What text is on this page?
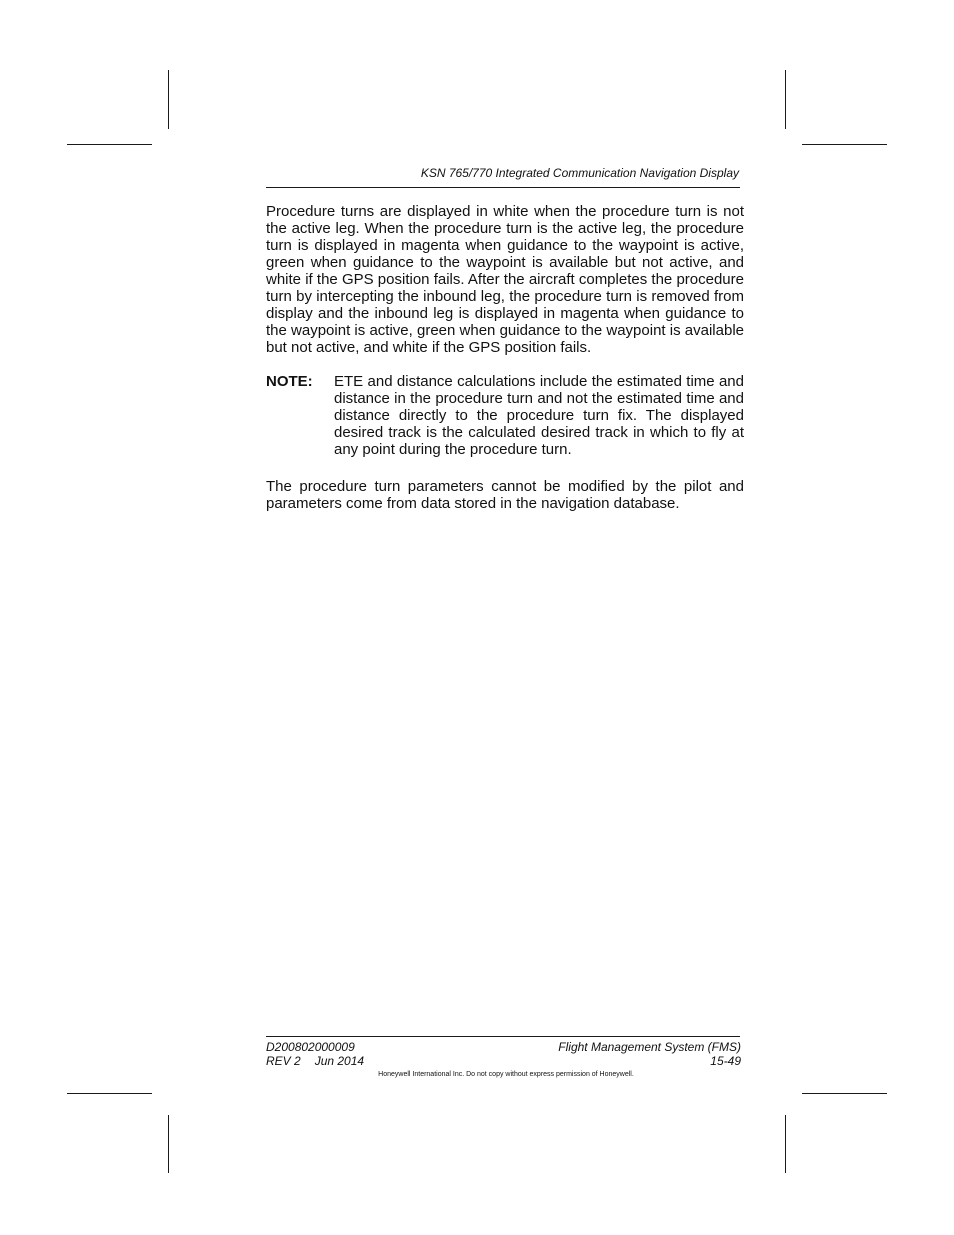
KSN 765/770 Integrated Communication Navigation Display

Procedure turns are displayed in white when the procedure turn is not the active leg. When the procedure turn is the active leg, the procedure turn is displayed in magenta when guidance to the waypoint is active, green when guidance to the waypoint is available but not active, and white if the GPS position fails. After the aircraft completes the procedure turn by intercepting the inbound leg, the procedure turn is removed from display and the inbound leg is displayed in magenta when guidance to the waypoint is active, green when guidance to the waypoint is available but not active, and white if the GPS position fails.

NOTE: ETE and distance calculations include the estimated time and distance in the procedure turn and not the estimated time and distance directly to the procedure turn fix. The displayed desired track is the calculated desired track in which to fly at any point during the procedure turn.

The procedure turn parameters cannot be modified by the pilot and parameters come from data stored in the navigation database.

D200802000009
REV 2 Jun 2014
Flight Management System (FMS)
15-49
Honeywell International Inc. Do not copy without express permission of Honeywell.
